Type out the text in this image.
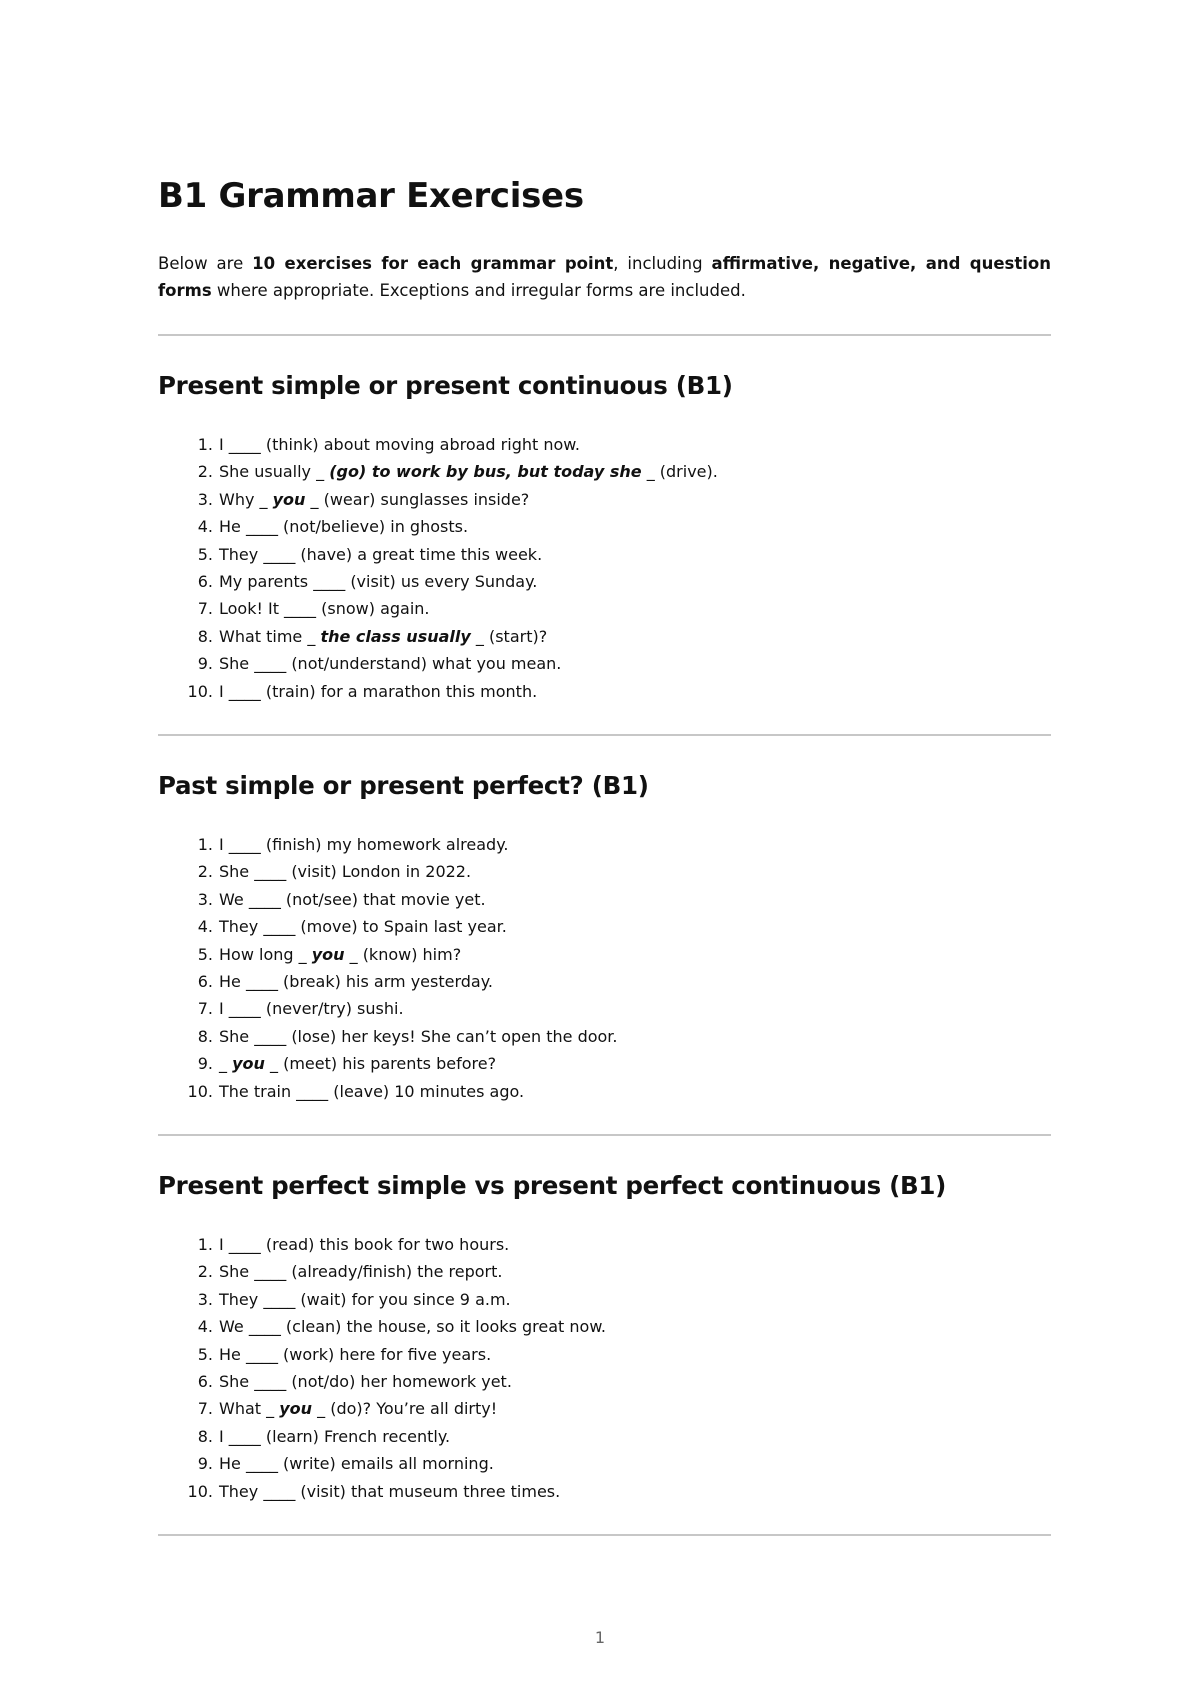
B1 Grammar Exercises

Below are 10 exercises for each grammar point, including affirmative, negative, and question forms where appropriate. Exceptions and irregular forms are included.

Present simple or present continuous (B1)
1. I ____ (think) about moving abroad right now.
2. She usually _ (go) to work by bus, but today she _ (drive).
3. Why _ you _ (wear) sunglasses inside?
4. He ____ (not/believe) in ghosts.
5. They ____ (have) a great time this week.
6. My parents ____ (visit) us every Sunday.
7. Look! It ____ (snow) again.
8. What time _ the class usually _ (start)?
9. She ____ (not/understand) what you mean.
10. I ____ (train) for a marathon this month.
Past simple or present perfect? (B1)
1. I ____ (finish) my homework already.
2. She ____ (visit) London in 2022.
3. We ____ (not/see) that movie yet.
4. They ____ (move) to Spain last year.
5. How long _ you _ (know) him?
6. He ____ (break) his arm yesterday.
7. I ____ (never/try) sushi.
8. She ____ (lose) her keys! She can’t open the door.
9. _ you _ (meet) his parents before?
10. The train ____ (leave) 10 minutes ago.
Present perfect simple vs present perfect continuous (B1)
1. I ____ (read) this book for two hours.
2. She ____ (already/finish) the report.
3. They ____ (wait) for you since 9 a.m.
4. We ____ (clean) the house, so it looks great now.
5. He ____ (work) here for five years.
6. She ____ (not/do) her homework yet.
7. What _ you _ (do)? You’re all dirty!
8. I ____ (learn) French recently.
9. He ____ (write) emails all morning.
10. They ____ (visit) that museum three times.
1
